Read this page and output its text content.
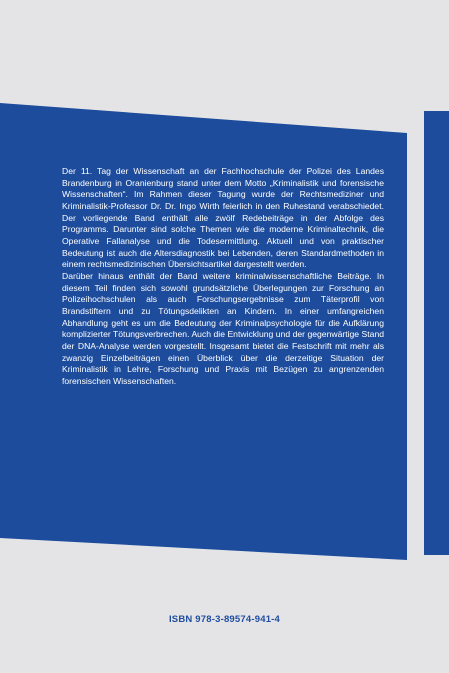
Der 11. Tag der Wissenschaft an der Fachhochschule der Polizei des Landes Brandenburg in Oranienburg stand unter dem Motto „Kriminalistik und forensische Wissenschaften“. Im Rahmen dieser Tagung wurde der Rechtsmediziner und Kriminalistik-Professor Dr. Dr. Ingo Wirth feierlich in den Ruhestand verabschiedet. Der vorliegende Band enthält alle zwölf Redebeiträge in der Abfolge des Programms. Darunter sind solche Themen wie die moderne Kriminaltechnik, die Operative Fallanalyse und die Todesermittlung. Aktuell und von praktischer Bedeutung ist auch die Altersdiagnostik bei Lebenden, deren Standardmethoden in einem rechtsmedizinischen Übersichtsartikel dargestellt werden.

Darüber hinaus enthält der Band weitere kriminalwissenschaftliche Beiträge. In diesem Teil finden sich sowohl grundsätzliche Überlegungen zur Forschung an Polizeihochschulen als auch Forschungsergebnisse zum Täterprofil von Brandstiftern und zu Tötungsdelikten an Kindern. In einer umfangreichen Abhandlung geht es um die Bedeutung der Kriminalpsychologie für die Aufklärung komplizierter Tötungsverbrechen. Auch die Entwicklung und der gegenwärtige Stand der DNA-Analyse werden vorgestellt. Insgesamt bietet die Festschrift mit mehr als zwanzig Einzelbeiträgen einen Überblick über die derzeitige Situation der Kriminalistik in Lehre, Forschung und Praxis mit Bezügen zu angrenzenden forensischen Wissenschaften.

ISBN 978-3-89574-941-4
